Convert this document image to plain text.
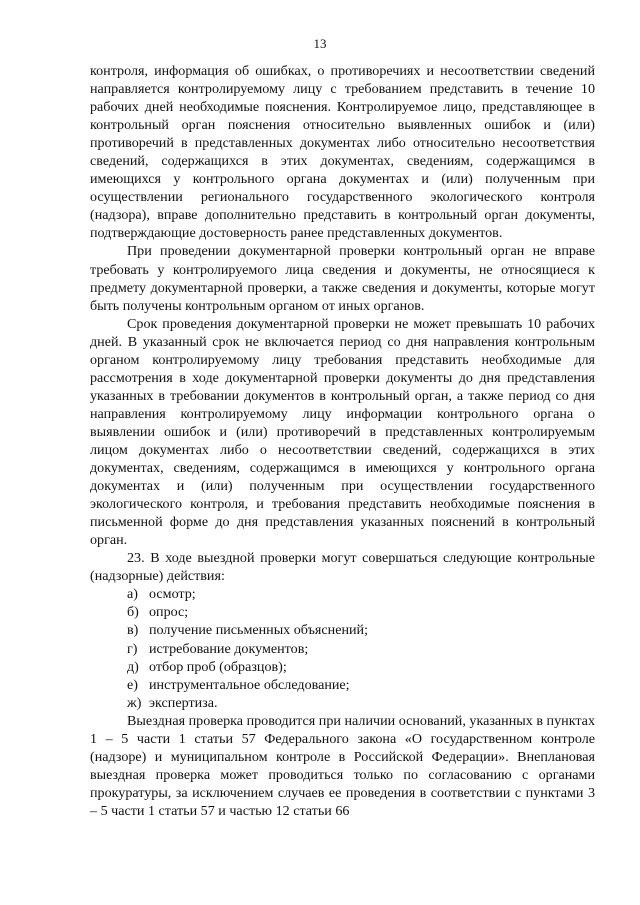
13

контроля, информация об ошибках, о противоречиях и несоответствии сведений направляется контролируемому лицу с требованием представить в течение 10 рабочих дней необходимые пояснения. Контролируемое лицо, представляющее в контрольный орган пояснения относительно выявленных ошибок и (или) противоречий в представленных документах либо относительно несоответствия сведений, содержащихся в этих документах, сведениям, содержащимся в имеющихся у контрольного органа документах и (или) полученным при осуществлении регионального государственного экологического контроля (надзора), вправе дополнительно представить в контрольный орган документы, подтверждающие достоверность ранее представленных документов.

При проведении документарной проверки контрольный орган не вправе требовать у контролируемого лица сведения и документы, не относящиеся к предмету документарной проверки, а также сведения и документы, которые могут быть получены контрольным органом от иных органов.

Срок проведения документарной проверки не может превышать 10 рабочих дней. В указанный срок не включается период со дня направления контрольным органом контролируемому лицу требования представить необходимые для рассмотрения в ходе документарной проверки документы до дня представления указанных в требовании документов в контрольный орган, а также период со дня направления контролируемому лицу информации контрольного органа о выявлении ошибок и (или) противоречий в представленных контролируемым лицом документах либо о несоответствии сведений, содержащихся в этих документах, сведениям, содержащимся в имеющихся у контрольного органа документах и (или) полученным при осуществлении государственного экологического контроля, и требования представить необходимые пояснения в письменной форме до дня представления указанных пояснений в контрольный орган.

23. В ходе выездной проверки могут совершаться следующие контрольные (надзорные) действия:

а) осмотр;
б) опрос;
в) получение письменных объяснений;
г) истребование документов;
д) отбор проб (образцов);
е) инструментальное обследование;
ж) экспертиза.

Выездная проверка проводится при наличии оснований, указанных в пунктах 1 – 5 части 1 статьи 57 Федерального закона «О государственном контроле (надзоре) и муниципальном контроле в Российской Федерации». Внеплановая выездная проверка может проводиться только по согласованию с органами прокуратуры, за исключением случаев ее проведения в соответствии с пунктами 3 – 5 части 1 статьи 57 и частью 12 статьи 66
